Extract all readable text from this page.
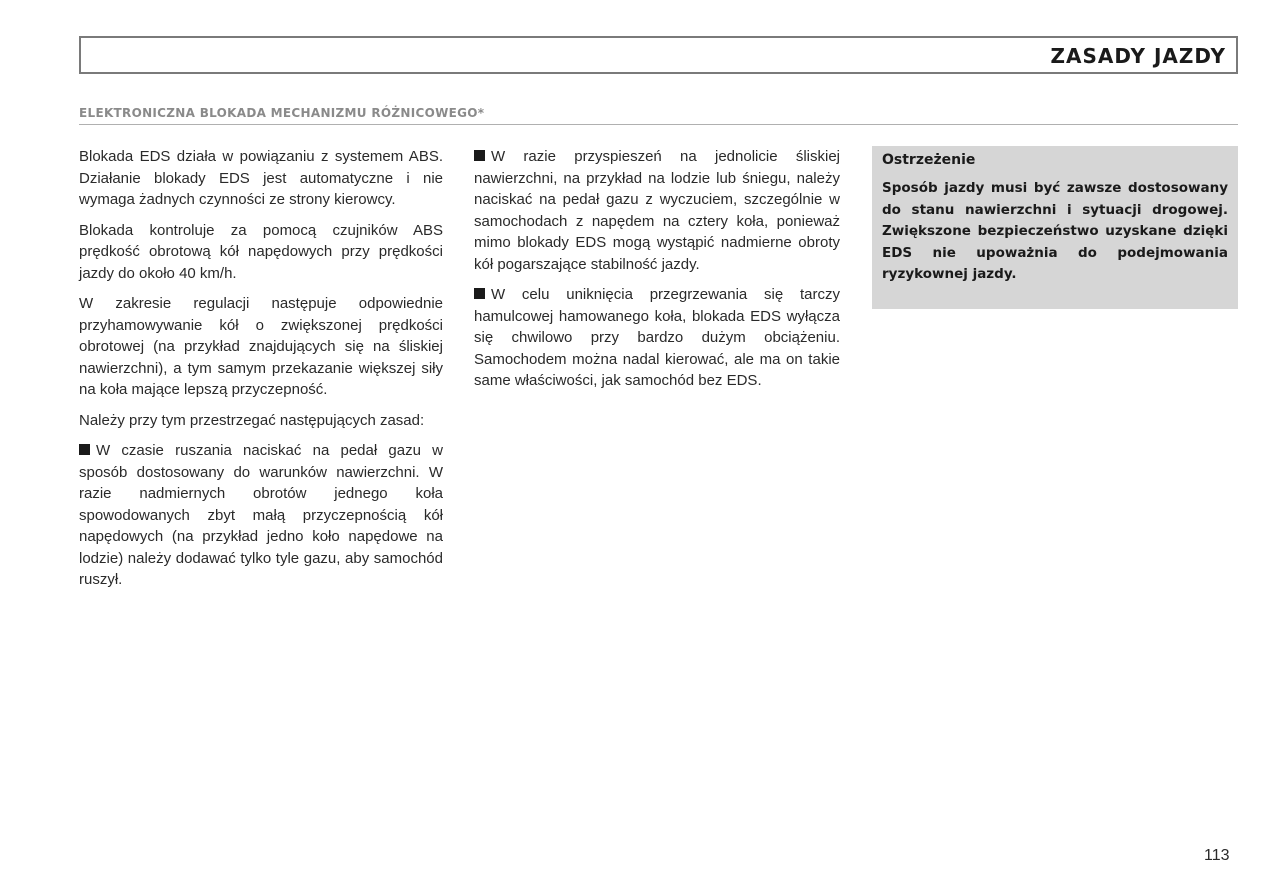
ZASADY JAZDY
ELEKTRONICZNA BLOKADA MECHANIZMU RÓŻNICOWEGO*

Blokada EDS działa w powiązaniu z systemem ABS. Działanie blokady EDS jest automatyczne i nie wymaga żadnych czynności ze strony kierowcy.

Blokada kontroluje za pomocą czujników ABS prędkość obrotową kół napędowych przy prędkości jazdy do około 40 km/h.

W zakresie regulacji następuje odpowiednie przyhamowywanie kół o zwiększonej prędkości obrotowej (na przykład znajdujących się na śliskiej nawierzchni), a tym samym przekazanie większej siły na koła mające lepszą przyczepność.

Należy przy tym przestrzegać następujących zasad:

W czasie ruszania naciskać na pedał gazu w sposób dostosowany do warunków nawierzchni. W razie nadmiernych obrotów jednego koła spowodowanych zbyt małą przyczepnością kół napędowych (na przykład jedno koło napędowe na lodzie) należy dodawać tylko tyle gazu, aby samochód ruszył.

W razie przyspieszeń na jednolicie śliskiej nawierzchni, na przykład na lodzie lub śniegu, należy naciskać na pedał gazu z wyczuciem, szczególnie w samochodach z napędem na cztery koła, ponieważ mimo blokady EDS mogą wystąpić nadmierne obroty kół pogarszające stabilność jazdy.

W celu uniknięcia przegrzewania się tarczy hamulcowej hamowanego koła, blokada EDS wyłącza się chwilowo przy bardzo dużym obciążeniu. Samochodem można nadal kierować, ale ma on takie same właściwości, jak samochód bez EDS.

Ostrzeżenie

Sposób jazdy musi być zawsze dostosowany do stanu nawierzchni i sytuacji drogowej. Zwiększone bezpieczeństwo uzyskane dzięki EDS nie upoważnia do podejmowania ryzykownej jazdy.

113
